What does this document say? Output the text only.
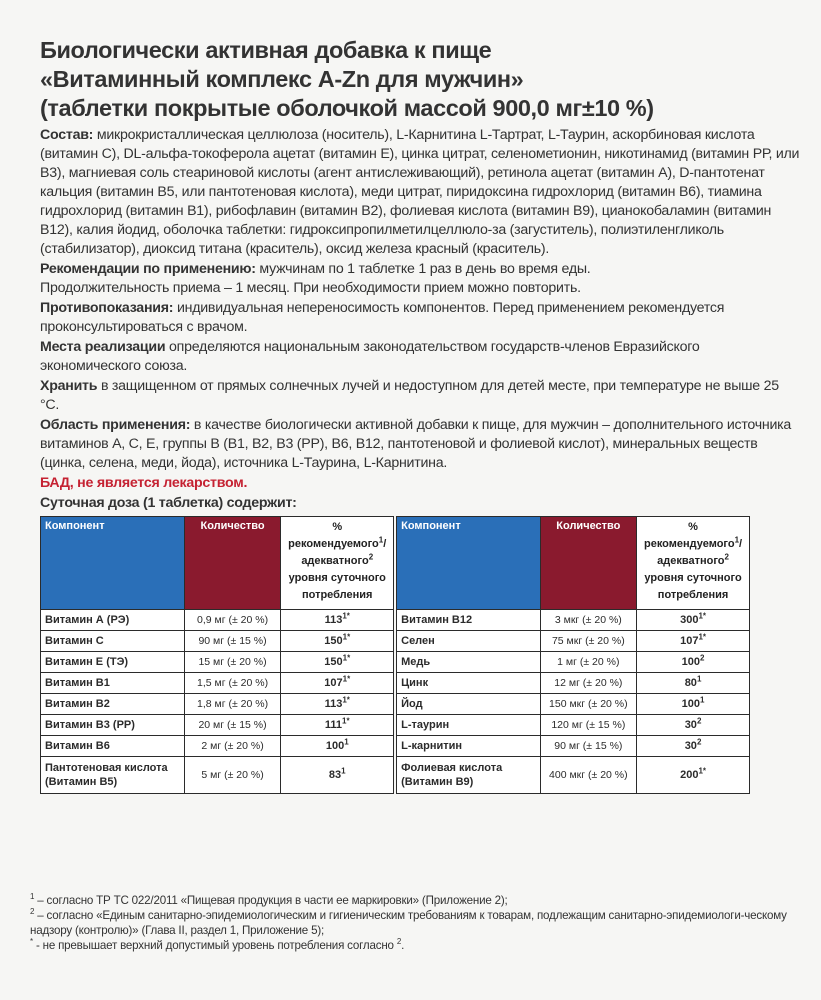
Биологически активная добавка к пище
«Витаминный комплекс A-Zn для мужчин»
(таблетки покрытые оболочкой массой 900,0 мг±10 %)

Состав: микрокристаллическая целлюлоза (носитель), L-Карнитина L-Тартрат, L-Таурин, аскорбиновая кислота (витамин С), DL-альфа-токоферола ацетат (витамин Е), цинка цитрат, селенометионин, никотинамид (витамин РР, или В3), магниевая соль стеариновой кислоты (агент антислеживающий), ретинола ацетат (витамин А), D-пантотенат кальция (витамин В5, или пантотеновая кислота), меди цитрат, пиридоксина гидрохлорид (витамин В6), тиамина гидрохлорид (витамин В1), рибофлавин (витамин В2), фолиевая кислота (витамин В9), цианокобаламин (витамин В12), калия йодид, оболочка таблетки: гидроксипропилметилцеллюло-за (загуститель), полиэтиленгликоль (стабилизатор), диоксид титана (краситель), оксид железа красный (краситель).

Рекомендации по применению: мужчинам по 1 таблетке 1 раз в день во время еды.
Продолжительность приема – 1 месяц. При необходимости прием можно повторить.

Противопоказания: индивидуальная непереносимость компонентов. Перед применением рекомендуется проконсультироваться с врачом.

Места реализации определяются национальным законодательством государств-членов Евразийского экономического союза.

Хранить в защищенном от прямых солнечных лучей и недоступном для детей месте, при температуре не выше 25 °С.

Область применения: в качестве биологически активной добавки к пище, для мужчин – дополнительного источника витаминов А, С, Е, группы В (В1, В2, В3 (РР), В6, В12, пантотеновой и фолиевой кислот), минеральных веществ (цинка, селена, меди, йода), источника L-Таурина, L-Карнитина.

БАД, не является лекарством.

Суточная доза (1 таблетка) содержит:

Компонент	Количество	% рекомендуемого$^1$/
адекватного$^2$
уровня суточного потребления		Компонент	Количество	% рекомендуемого$^1$/
адекватного$^2$
уровня суточного потребления
Витамин А (РЭ)	0,9 мг (± 20 %)	$113^{1*}$		Витамин В12	3 мкг (± 20 %)	$300^{1*}$
Витамин С	90 мг (± 15 %)	$150^{1*}$		Селен	75 мкг (± 20 %)	$107^{1*}$
Витамин Е (ТЭ)	15 мг (± 20 %)	$150^{1*}$		Медь	1 мг (± 20 %)	$100^2$
Витамин В1	1,5 мг (± 20 %)	$107^{1*}$		Цинк	12 мг (± 20 %)	$80^1$
Витамин В2	1,8 мг (± 20 %)	$113^{1*}$		Йод	150 мкг (± 20 %)	$100^1$
Витамин В3 (РР)	20 мг (± 15 %)	$111^{1*}$		L-таурин	120 мг (± 15 %)	$30^2$
Витамин В6	2 мг (± 20 %)	$100^1$		L-карнитин	90 мг (± 15 %)	$30^2$
Пантотеновая кислота (Витамин В5)	5 мг (± 20 %)	$83^1$		Фолиевая кислота (Витамин В9)	400 мкг (± 20 %)	$200^{1*}$

$^1$ – согласно ТР ТС 022/2011 «Пищевая продукция в части ее маркировки» (Приложение 2);

$^2$ – согласно «Единым санитарно-эпидемиологическим и гигиеническим требованиям к товарам, подлежащим санитарно-эпидемиологи-ческому надзору (контролю)» (Глава II, раздел 1, Приложение 5);

* - не превышает верхний допустимый уровень потребления согласно $^2$.
